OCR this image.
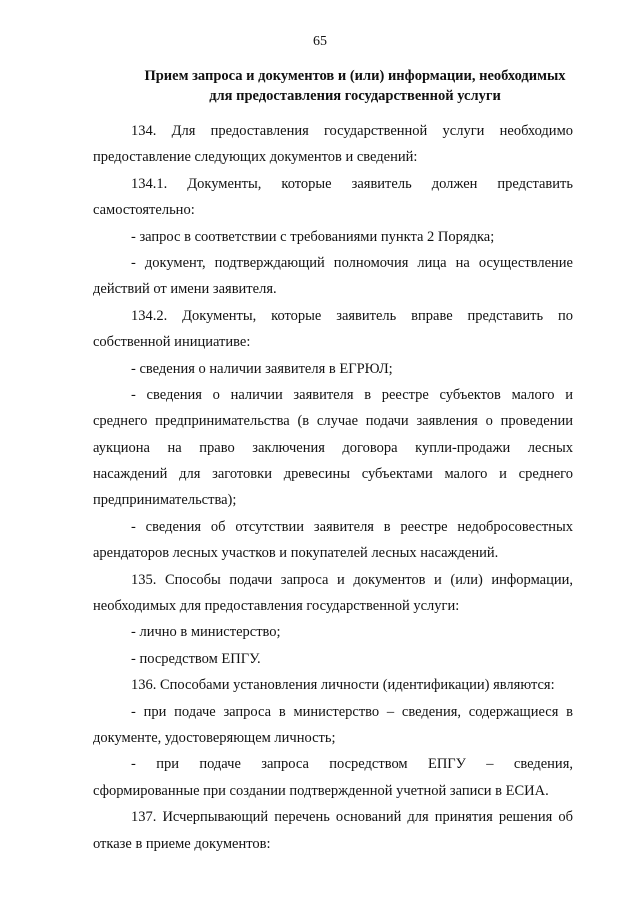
65
Прием запроса и документов и (или) информации, необходимых
для предоставления государственной услуги
134. Для предоставления государственной услуги необходимо
предоставление следующих документов и сведений:
134.1. Документы, которые заявитель должен представить
самостоятельно:
- запрос в соответствии с требованиями пункта 2 Порядка;
- документ, подтверждающий полномочия лица на осуществление
действий от имени заявителя.
134.2. Документы, которые заявитель вправе представить по
собственной инициативе:
- сведения о наличии заявителя в ЕГРЮЛ;
- сведения о наличии заявителя в реестре субъектов малого и
среднего предпринимательства (в случае подачи заявления о проведении
аукциона на право заключения договора купли-продажи лесных
насаждений для заготовки древесины субъектами малого и среднего
предпринимательства);
- сведения об отсутствии заявителя в реестре недобросовестных
арендаторов лесных участков и покупателей лесных насаждений.
135. Способы подачи запроса и документов и (или) информации,
необходимых для предоставления государственной услуги:
- лично в министерство;
- посредством ЕПГУ.
136. Способами установления личности (идентификации) являются:
- при подаче запроса в министерство – сведения, содержащиеся в
документе, удостоверяющем личность;
- при подаче запроса посредством ЕПГУ – сведения,
сформированные при создании подтвержденной учетной записи в ЕСИА.
137. Исчерпывающий перечень оснований для принятия решения об
отказе в приеме документов:
